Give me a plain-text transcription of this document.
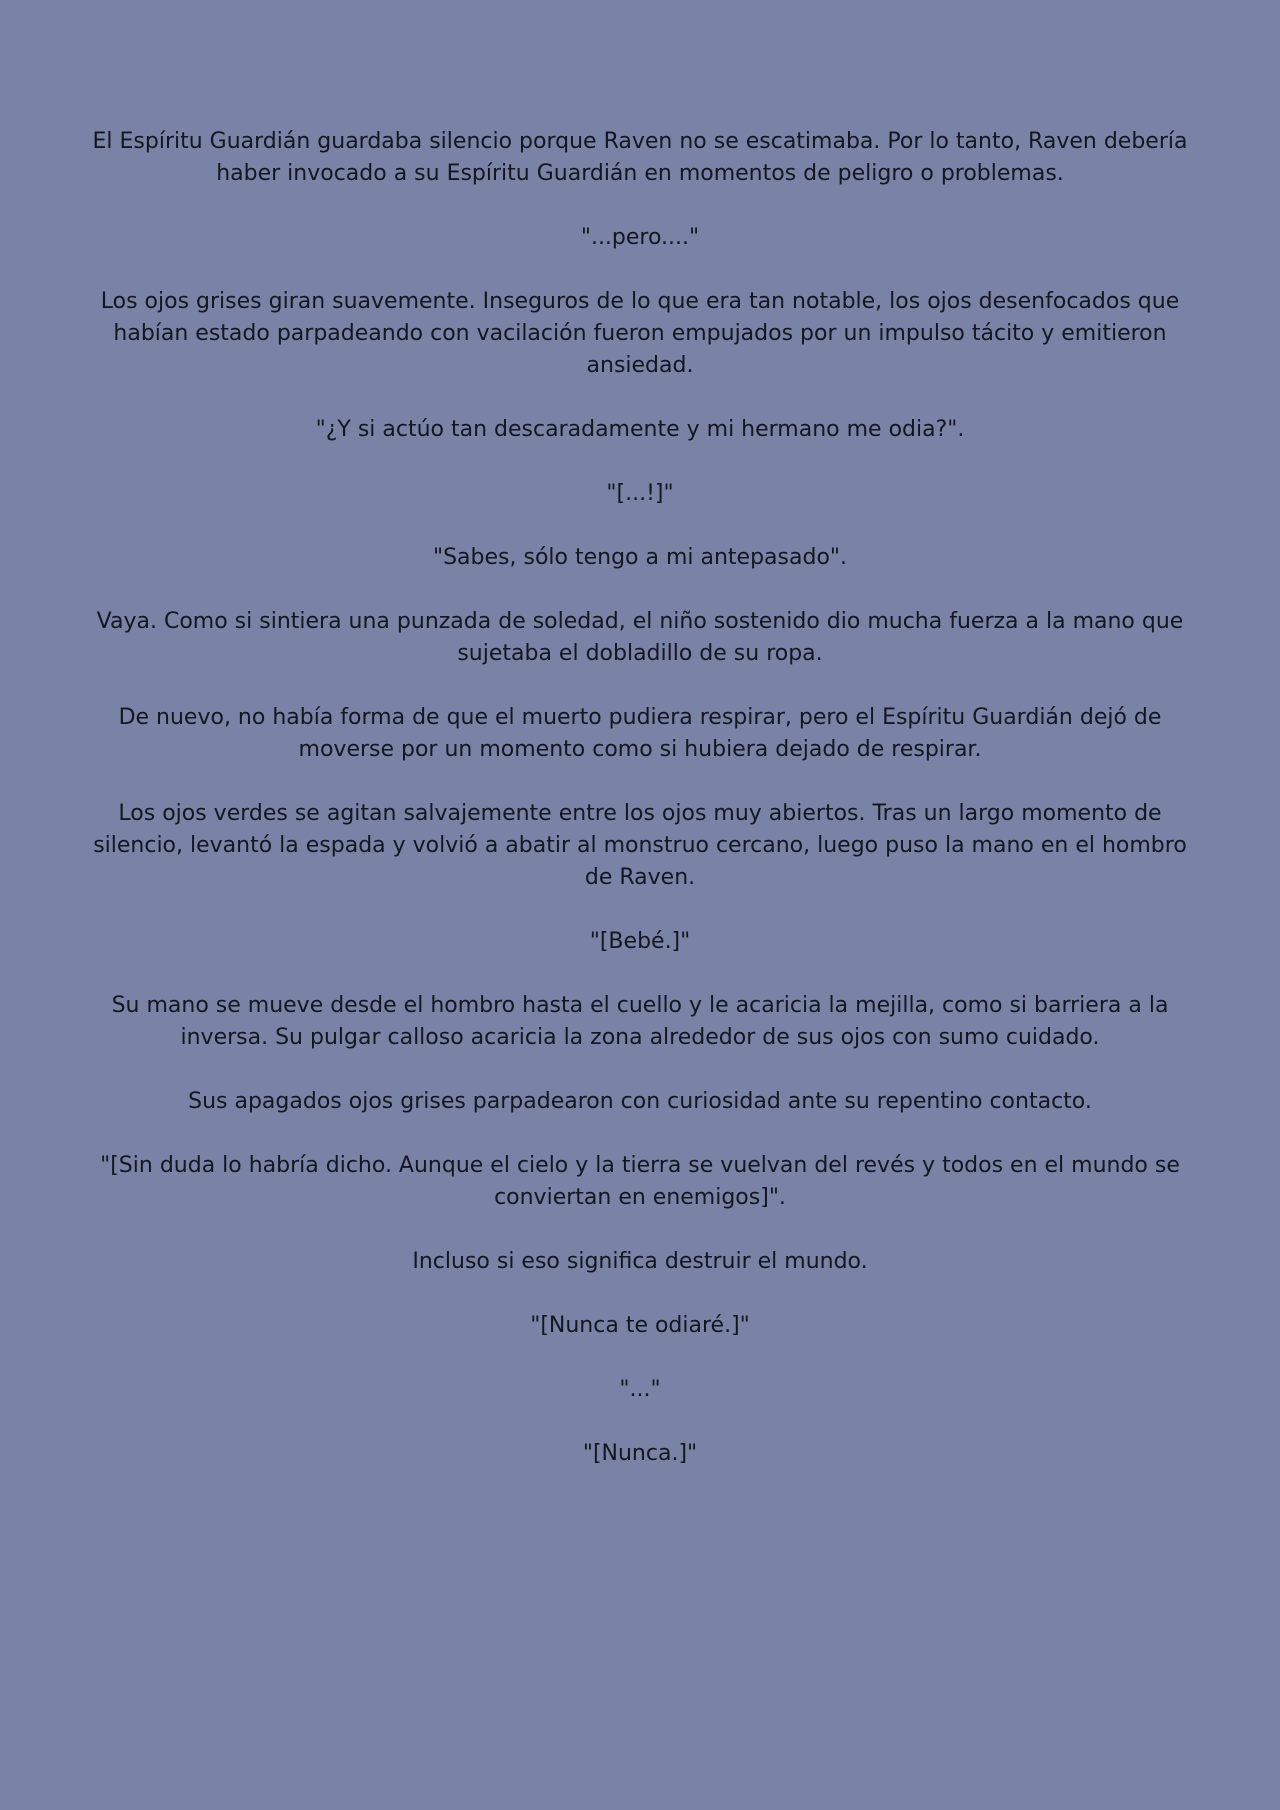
El Espíritu Guardián guardaba silencio porque Raven no se escatimaba. Por lo tanto, Raven debería haber invocado a su Espíritu Guardián en momentos de peligro o problemas.

"...pero...."

Los ojos grises giran suavemente. Inseguros de lo que era tan notable, los ojos desenfocados que habían estado parpadeando con vacilación fueron empujados por un impulso tácito y emitieron ansiedad.

"¿Y si actúo tan descaradamente y mi hermano me odia?".

"[...!]"

"Sabes, sólo tengo a mi antepasado".

Vaya. Como si sintiera una punzada de soledad, el niño sostenido dio mucha fuerza a la mano que sujetaba el dobladillo de su ropa.

De nuevo, no había forma de que el muerto pudiera respirar, pero el Espíritu Guardián dejó de moverse por un momento como si hubiera dejado de respirar.

Los ojos verdes se agitan salvajemente entre los ojos muy abiertos. Tras un largo momento de silencio, levantó la espada y volvió a abatir al monstruo cercano, luego puso la mano en el hombro de Raven.

"[Bebé.]"

Su mano se mueve desde el hombro hasta el cuello y le acaricia la mejilla, como si barriera a la inversa. Su pulgar calloso acaricia la zona alrededor de sus ojos con sumo cuidado.

Sus apagados ojos grises parpadearon con curiosidad ante su repentino contacto.

"[Sin duda lo habría dicho. Aunque el cielo y la tierra se vuelvan del revés y todos en el mundo se conviertan en enemigos]".

Incluso si eso significa destruir el mundo.

"[Nunca te odiaré.]"

"..."

"[Nunca.]"
